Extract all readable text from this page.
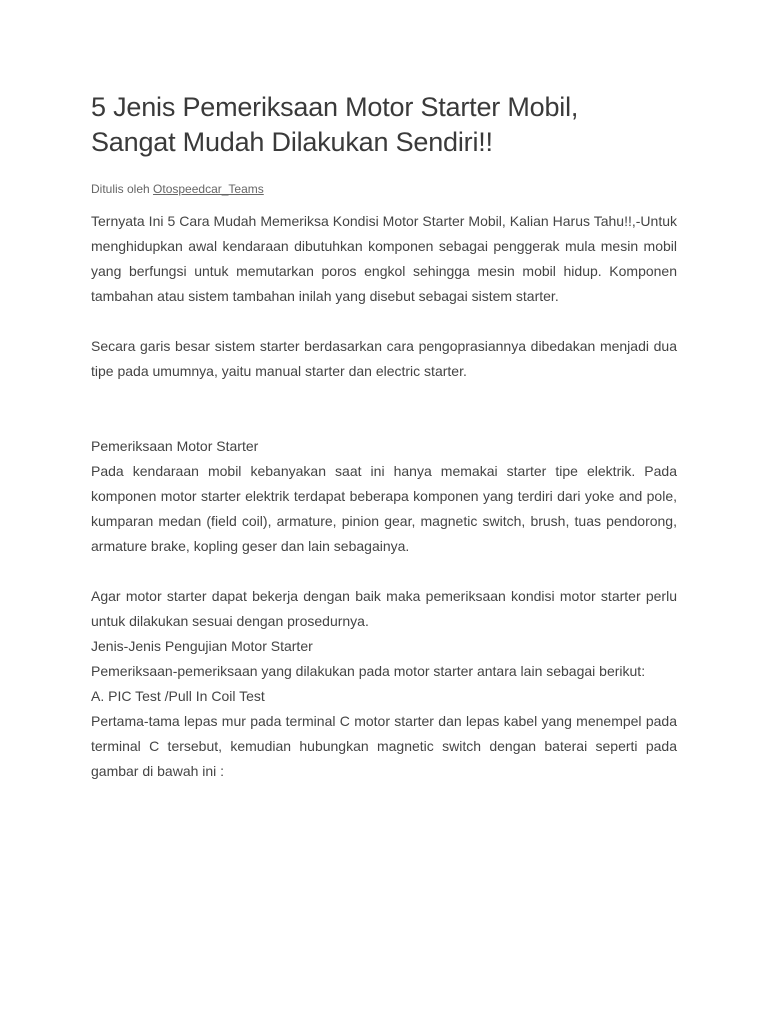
5 Jenis Pemeriksaan Motor Starter Mobil,
Sangat Mudah Dilakukan Sendiri!!
Ditulis oleh Otospeedcar_Teams

Ternyata Ini 5 Cara Mudah Memeriksa Kondisi Motor Starter Mobil, Kalian Harus Tahu!!,-Untuk menghidupkan awal kendaraan dibutuhkan komponen sebagai penggerak mula mesin mobil yang berfungsi untuk memutarkan poros engkol sehingga mesin mobil hidup. Komponen tambahan atau sistem tambahan inilah yang disebut sebagai sistem starter.

Secara garis besar sistem starter berdasarkan cara pengoprasiannya dibedakan menjadi dua tipe pada umumnya, yaitu manual starter dan electric starter.

Pemeriksaan Motor Starter

Pada kendaraan mobil kebanyakan saat ini hanya memakai starter tipe elektrik. Pada komponen motor starter elektrik terdapat beberapa komponen yang terdiri dari yoke and pole, kumparan medan (field coil), armature, pinion gear, magnetic switch, brush, tuas pendorong, armature brake, kopling geser dan lain sebagainya.

Agar motor starter dapat bekerja dengan baik maka pemeriksaan kondisi motor starter perlu untuk dilakukan sesuai dengan prosedurnya.

Jenis-Jenis Pengujian Motor Starter

Pemeriksaan-pemeriksaan yang dilakukan pada motor starter antara lain sebagai berikut:

A. PIC Test /Pull In Coil Test

Pertama-tama lepas mur pada terminal C motor starter dan lepas kabel yang menempel pada terminal C tersebut, kemudian hubungkan magnetic switch dengan baterai seperti pada gambar di bawah ini :
